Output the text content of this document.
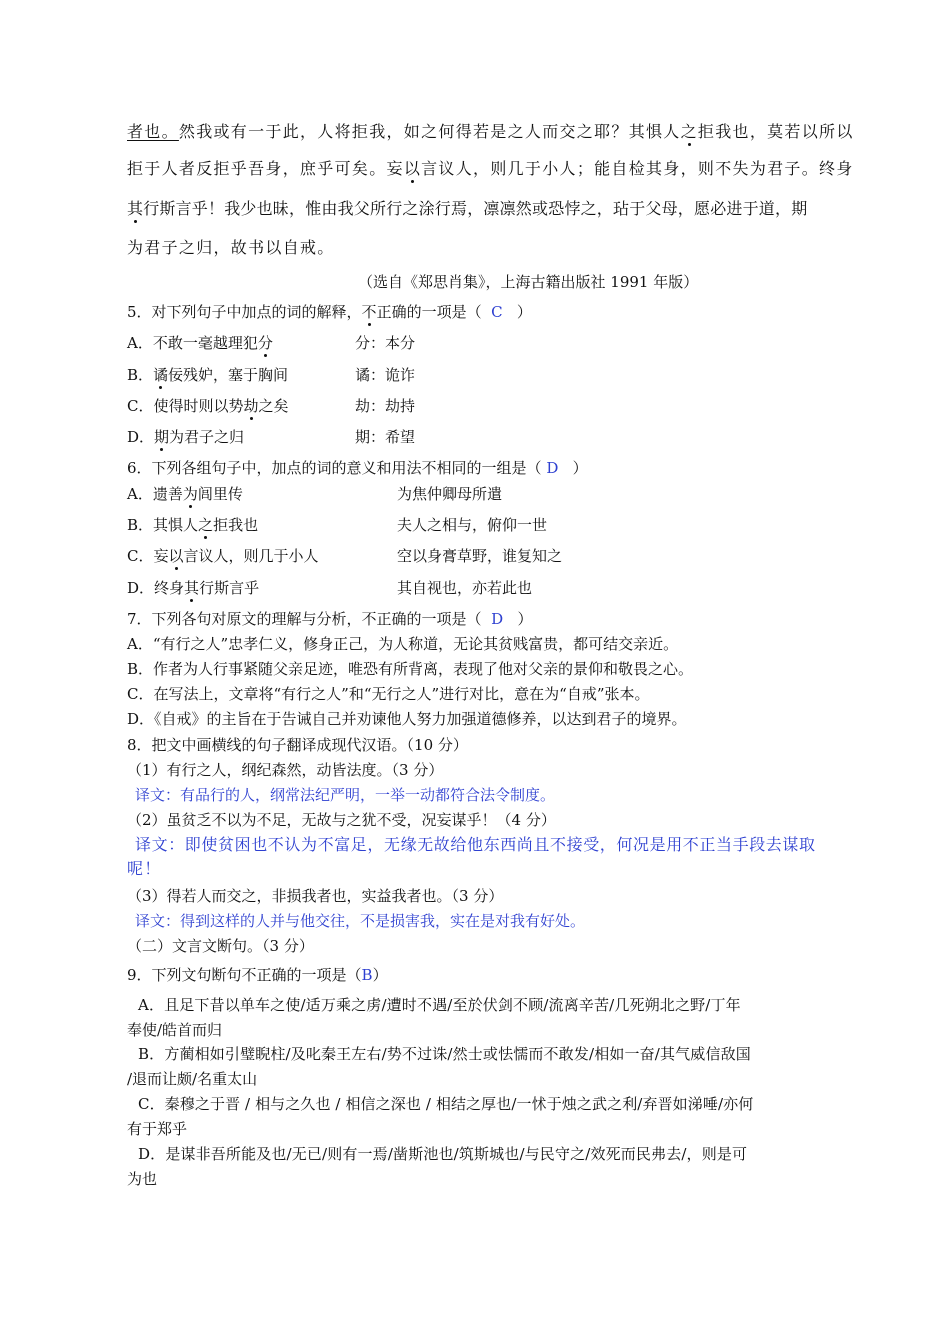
者也。然我或有一于此，人将拒我，如之何得若是之人而交之耶？其惧人之拒我也，莫若以所以
拒于人者反拒乎吾身，庶乎可矣。妄以言议人，则几于小人；能自检其身，则不失为君子。终身
其行斯言乎！我少也昧，惟由我父所行之涂行焉，凛凛然或恐悖之，玷于父母，愿必进于道，期
为君子之归，故书以自戒。
（选自《郑思肖集》，上海古籍出版社 1991 年版）
5．对下列句子中加点的词的解释，不正确的一项是（ C ）
A．不敢一毫越理犯分	分：本分
B．谲佞残妒，塞于胸间	谲：诡诈
C．使得时则以势劫之矣	劫：劫持
D．期为君子之归	期：希望
6．下列各组句子中，加点的词的意义和用法不相同的一组是（ D ）
A．遗善为闾里传	为焦仲卿母所遣
B．其惧人之拒我也	夫人之相与，俯仰一世
C．妄以言议人，则几于小人	空以身膏草野，谁复知之
D．终身其行斯言乎	其自视也，亦若此也
7．下列各句对原文的理解与分析，不正确的一项是（ D ）
A．“有行之人”忠孝仁义，修身正己，为人称道，无论其贫贱富贵，都可结交亲近。
B．作者为人行事紧随父亲足迹，唯恐有所背离，表现了他对父亲的景仰和敬畏之心。
C．在写法上，文章将“有行之人”和“无行之人”进行对比，意在为“自戒”张本。
D．《自戒》的主旨在于告诫自己并劝谏他人努力加强道德修养，以达到君子的境界。
8．把文中画横线的句子翻译成现代汉语。（10 分）
（1）有行之人，纲纪森然，动皆法度。（3 分）
译文：有品行的人，纲常法纪严明，一举一动都符合法令制度。
（2）虽贫乏不以为不足，无故与之犹不受，况妄谋乎！（4 分）
译文：即使贫困也不认为不富足，无缘无故给他东西尚且不接受，何况是用不正当手段去谋取
呢！
（3）得若人而交之，非损我者也，实益我者也。（3 分）
译文：得到这样的人并与他交往，不是损害我，实在是对我有好处。
（二）文言文断句。（3 分）
9．下列文句断句不正确的一项是（B）
A．且足下昔以单车之使/适万乘之虏/遭时不遇/至於伏剑不顾/流离辛苦/几死朔北之野/丁年
奉使/皓首而归
B．方蔺相如引璧睨柱/及叱秦王左右/势不过诛/然士或怯懦而不敢发/相如一奋/其气威信敌国
/退而让颇/名重太山
C．秦穆之于晋 / 相与之久也 / 相信之深也 / 相结之厚也/一怵于烛之武之利/弃晋如涕唾/亦何
有于郑乎
D．是谋非吾所能及也/无已/则有一焉/凿斯池也/筑斯城也/与民守之/效死而民弗去/，则是可
为也
